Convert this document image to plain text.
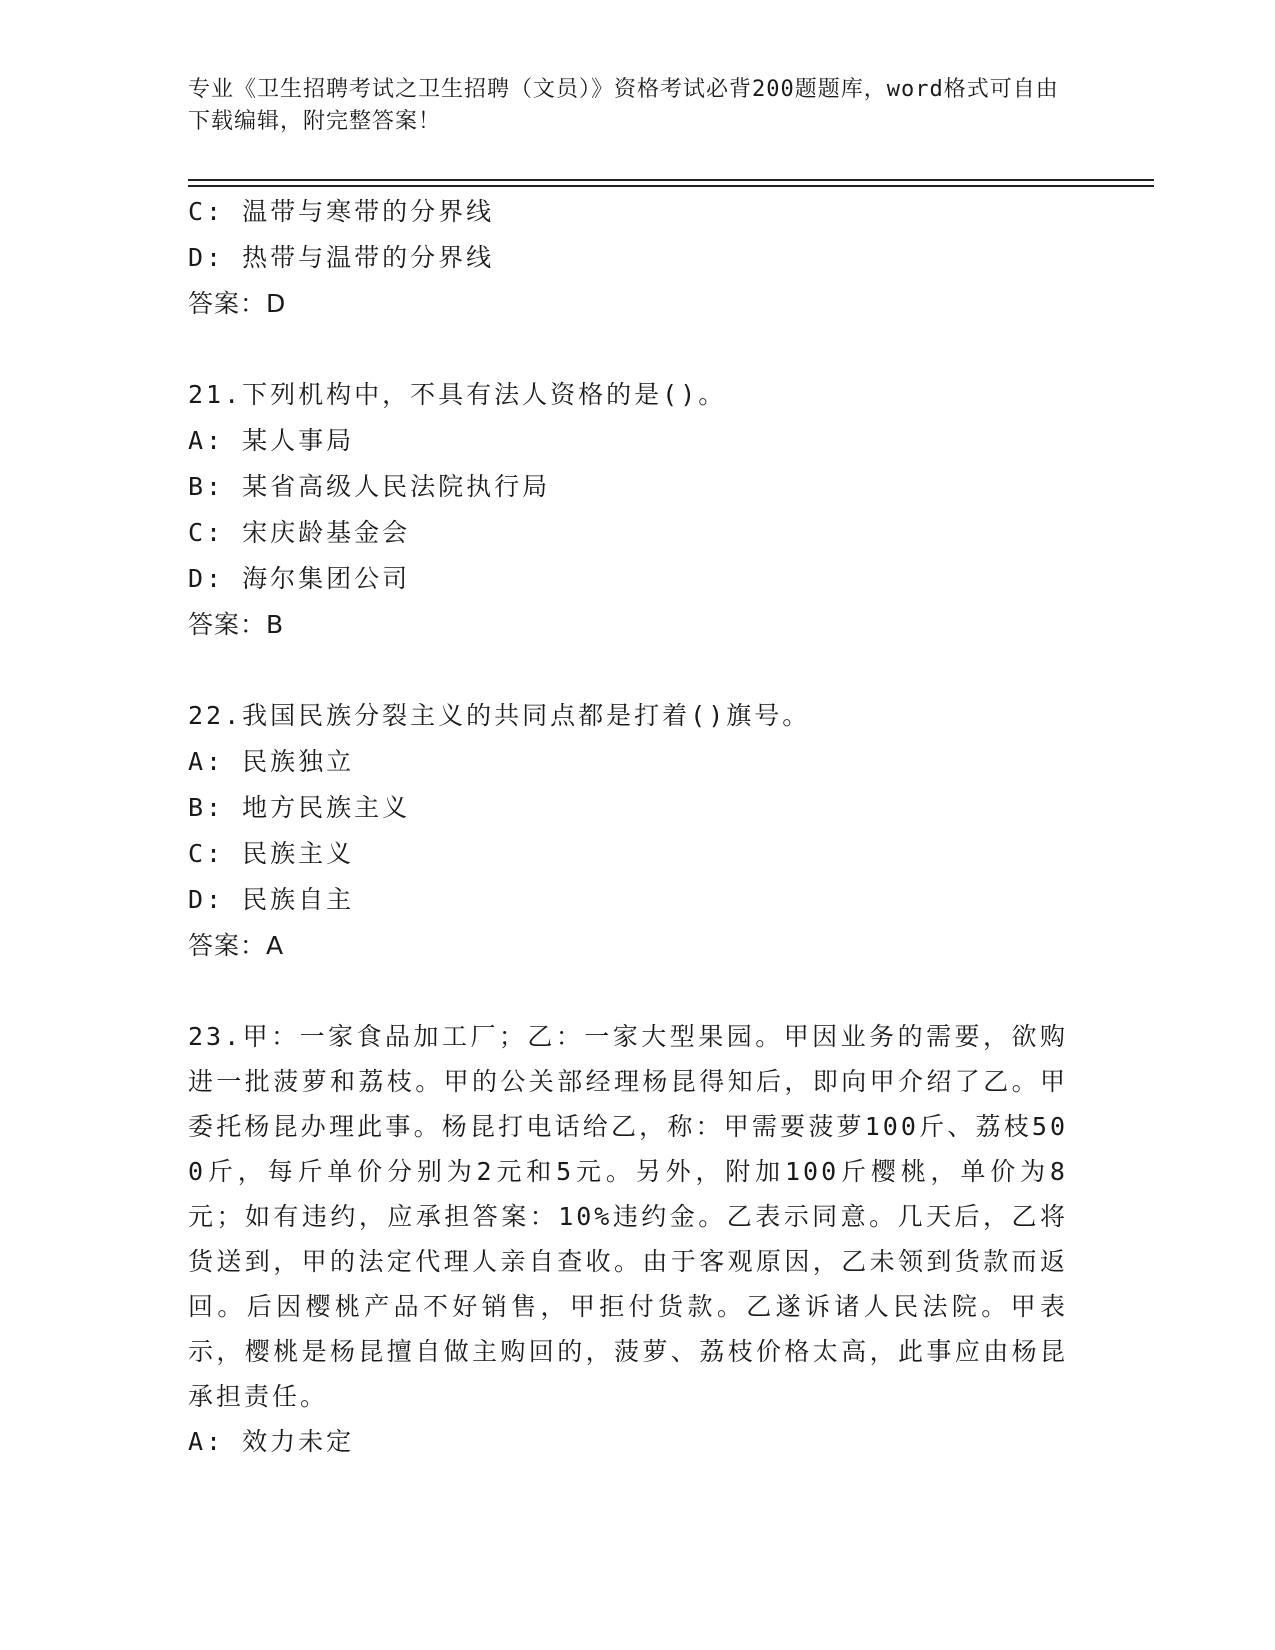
专业《卫生招聘考试之卫生招聘（文员）》资格考试必背200题题库，word格式可自由下载编辑，附完整答案！
C: 温带与寒带的分界线
D: 热带与温带的分界线
答案：D
21.下列机构中，不具有法人资格的是()。
A: 某人事局
B: 某省高级人民法院执行局
C: 宋庆龄基金会
D: 海尔集团公司
答案：B
22.我国民族分裂主义的共同点都是打着()旗号。
A: 民族独立
B: 地方民族主义
C: 民族主义
D: 民族自主
答案：A
23.甲：一家食品加工厂；乙：一家大型果园。甲因业务的需要，欲购进一批菠萝和荔枝。甲的公关部经理杨昆得知后，即向甲介绍了乙。甲委托杨昆办理此事。杨昆打电话给乙，称：甲需要菠萝100斤、荔枝500斤，每斤单价分别为2元和5元。另外，附加100斤樱桃，单价为8元；如有违约，应承担答案：10%违约金。乙表示同意。几天后，乙将货送到，甲的法定代理人亲自查收。由于客观原因，乙未领到货款而返回。后因樱桃产品不好销售，甲拒付货款。乙遂诉诸人民法院。甲表示，樱桃是杨昆擅自做主购回的，菠萝、荔枝价格太高，此事应由杨昆承担责任。
A: 效力未定
